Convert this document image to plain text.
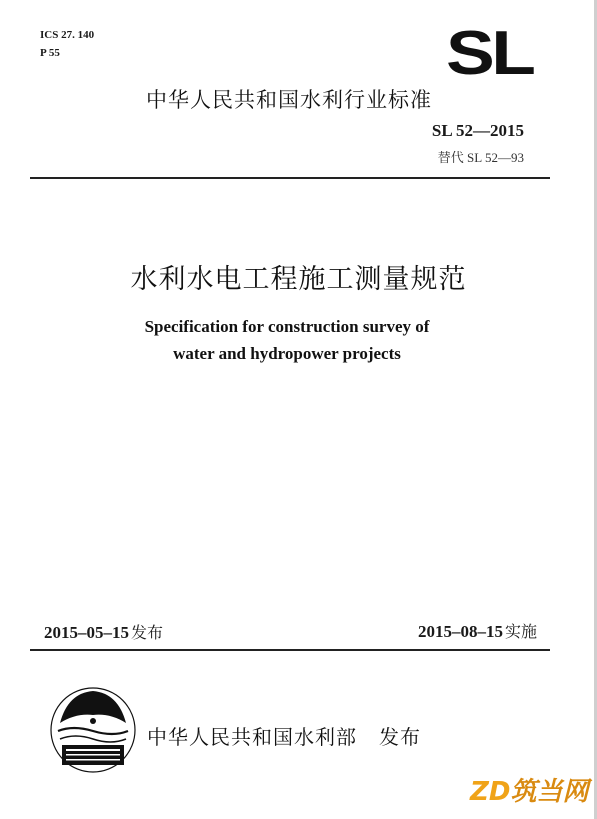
ICS 27. 140
P 55	SL
中华人民共和国水利行业标准
SL 52—2015
替代 SL 52—93
水利水电工程施工测量规范
Specification for construction survey of
water and hydropower projects
2015–05–15 发布	2015–08–15 实施
中华人民共和国水利部 发布
ZD筑当网
